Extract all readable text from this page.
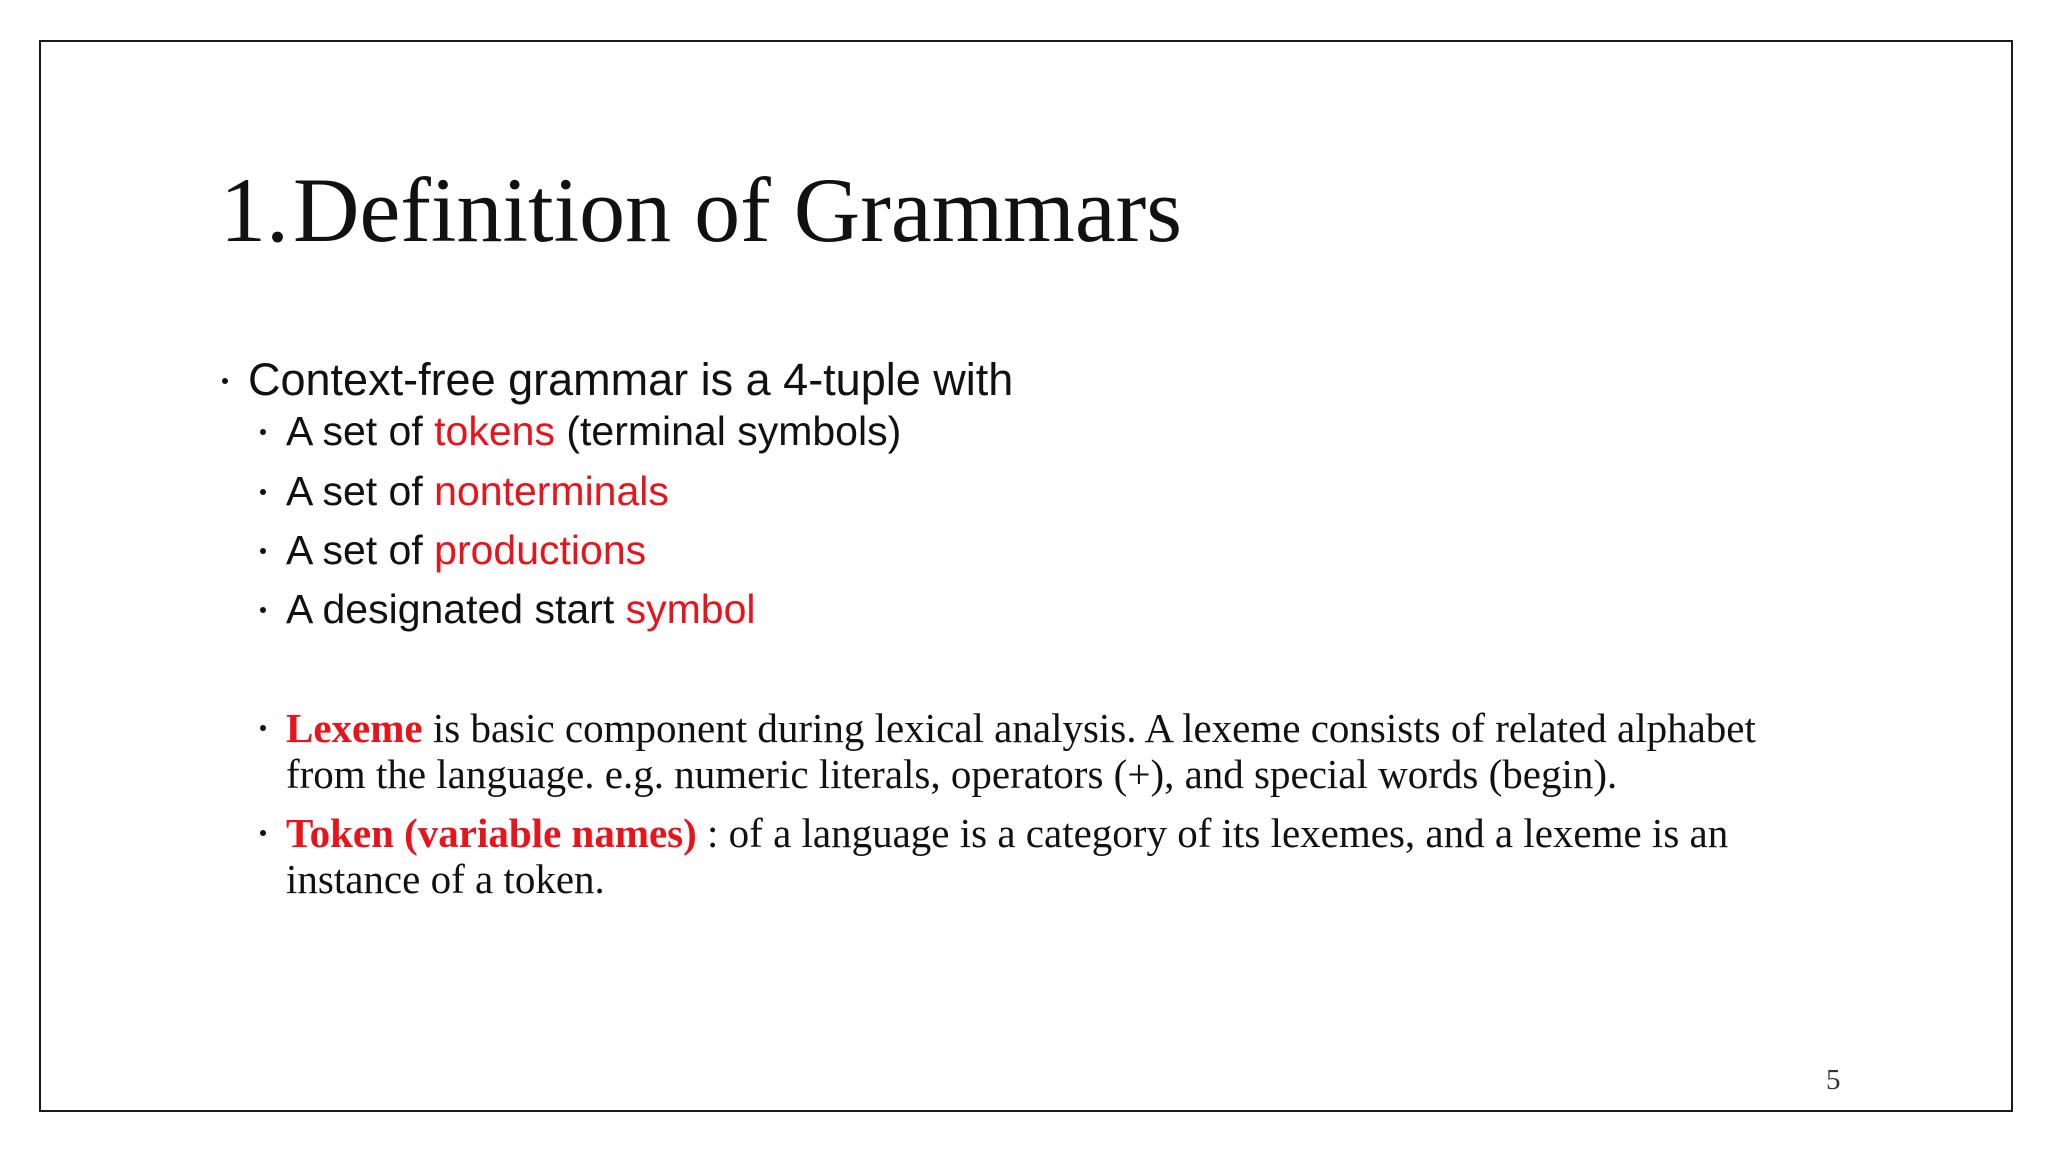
1.Definition of Grammars
Context-free grammar is a 4-tuple with
A set of tokens (terminal symbols)
A set of nonterminals
A set of productions
A designated start symbol
Lexeme is basic component during lexical analysis. A lexeme consists of related alphabet
from the language. e.g. numeric literals, operators (+), and special words (begin).
Token (variable names) : of a language is a category of its lexemes, and a lexeme is an
instance of a token.
5
